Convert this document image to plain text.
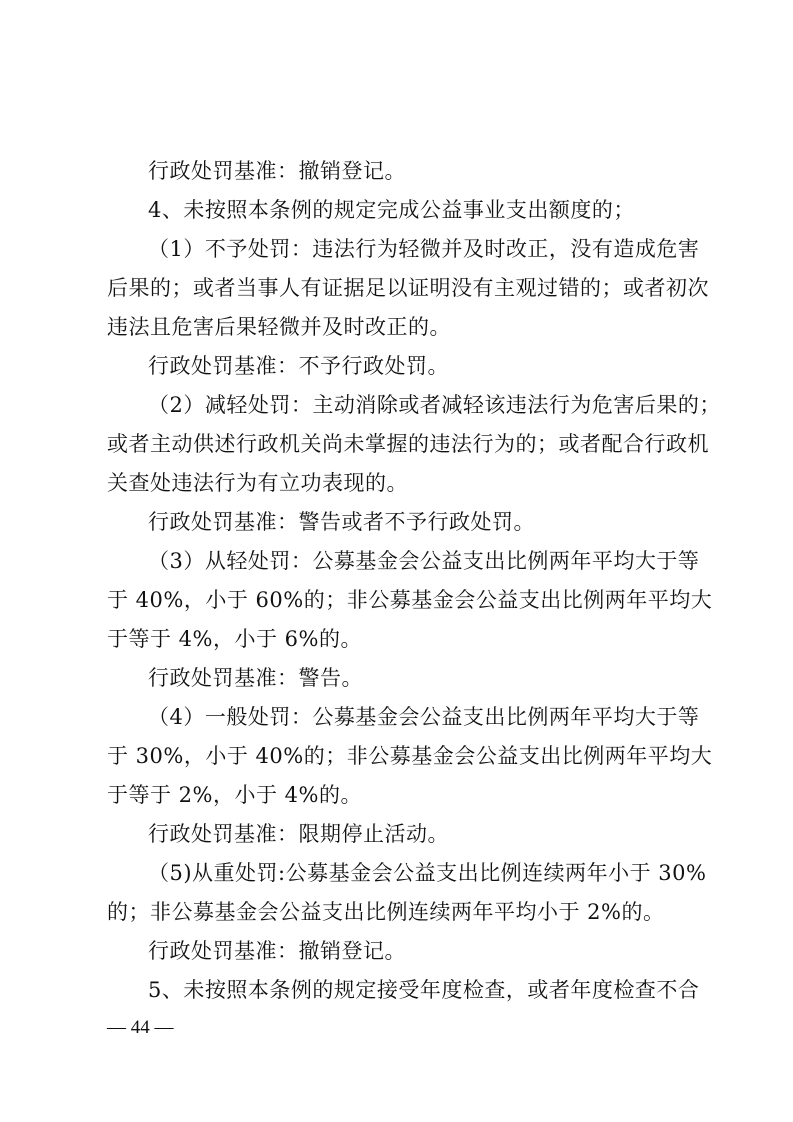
行政处罚基准：撤销登记。
4、未按照本条例的规定完成公益事业支出额度的；
（1）不予处罚：违法行为轻微并及时改正，没有造成危害
后果的；或者当事人有证据足以证明没有主观过错的；或者初次
违法且危害后果轻微并及时改正的。
行政处罚基准：不予行政处罚。
（2）减轻处罚：主动消除或者减轻该违法行为危害后果的；
或者主动供述行政机关尚未掌握的违法行为的；或者配合行政机
关查处违法行为有立功表现的。
行政处罚基准：警告或者不予行政处罚。
（3）从轻处罚：公募基金会公益支出比例两年平均大于等
于 40%，小于 60%的；非公募基金会公益支出比例两年平均大
于等于 4%，小于 6%的。
行政处罚基准：警告。
（4）一般处罚：公募基金会公益支出比例两年平均大于等
于 30%，小于 40%的；非公募基金会公益支出比例两年平均大
于等于 2%，小于 4%的。
行政处罚基准：限期停止活动。
（5)从重处罚:公募基金会公益支出比例连续两年小于 30%
的；非公募基金会公益支出比例连续两年平均小于 2%的。
行政处罚基准：撤销登记。
5、未按照本条例的规定接受年度检查，或者年度检查不合
— 44 —
